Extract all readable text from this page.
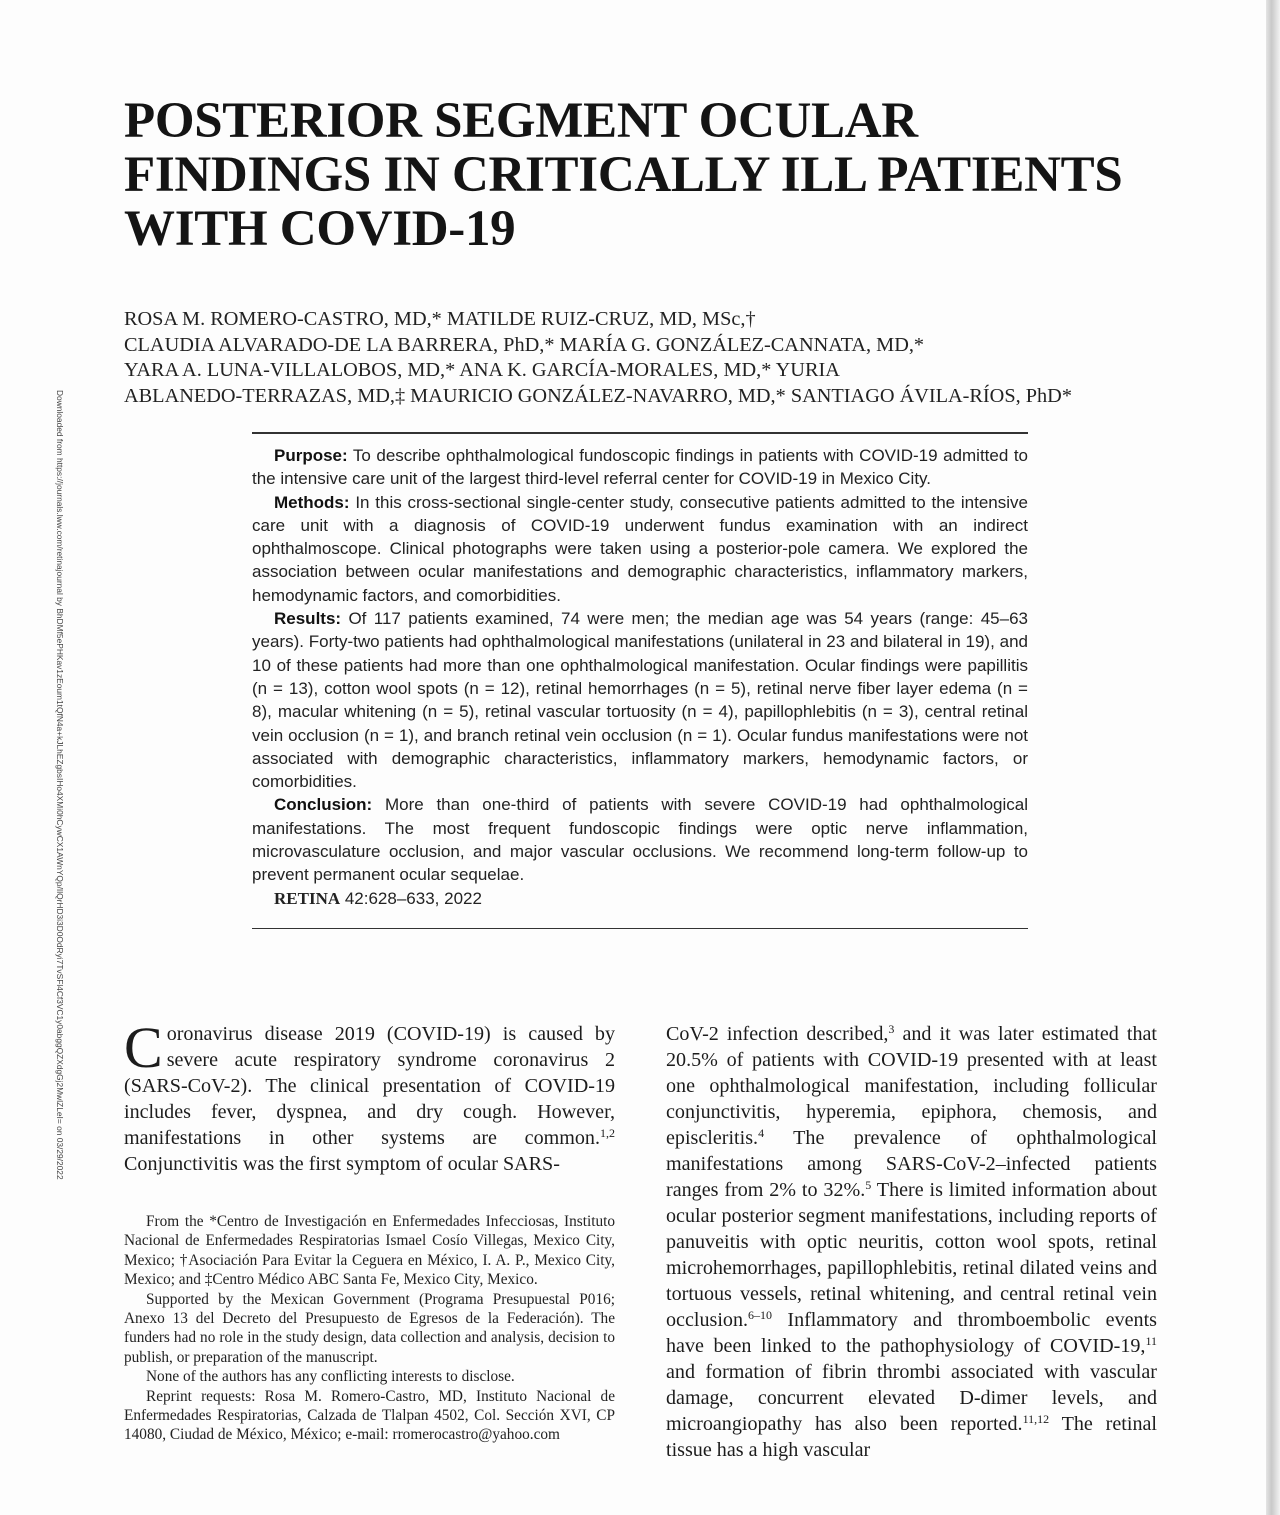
Downloaded from https://journals.lww.com/retinajournal by BhDMf5ePHKav1zEoum1tQfN4a+kJLhEZgbsIHo4XMi0hCywCX1AWnYQp/IlQrHD3i3D0OdRyi7TvSFl4Cf3VC1y0abggQZXdgGj2MwlZLeI= on 03/29/2022
POSTERIOR SEGMENT OCULAR
FINDINGS IN CRITICALLY ILL PATIENTS
WITH COVID-19
ROSA M. ROMERO-CASTRO, MD,* MATILDE RUIZ-CRUZ, MD, MSc,†
CLAUDIA ALVARADO-DE LA BARRERA, PhD,* MARÍA G. GONZÁLEZ-CANNATA, MD,*
YARA A. LUNA-VILLALOBOS, MD,* ANA K. GARCÍA-MORALES, MD,* YURIA
ABLANEDO-TERRAZAS, MD,‡ MAURICIO GONZÁLEZ-NAVARRO, MD,* SANTIAGO ÁVILA-RÍOS, PhD*

Purpose: To describe ophthalmological fundoscopic findings in patients with COVID-19 admitted to the intensive care unit of the largest third-level referral center for COVID-19 in Mexico City.

Methods: In this cross-sectional single-center study, consecutive patients admitted to the intensive care unit with a diagnosis of COVID-19 underwent fundus examination with an indirect ophthalmoscope. Clinical photographs were taken using a posterior-pole camera. We explored the association between ocular manifestations and demographic characteristics, inflammatory markers, hemodynamic factors, and comorbidities.

Results: Of 117 patients examined, 74 were men; the median age was 54 years (range: 45–63 years). Forty-two patients had ophthalmological manifestations (unilateral in 23 and bilateral in 19), and 10 of these patients had more than one ophthalmological manifestation. Ocular findings were papillitis (n = 13), cotton wool spots (n = 12), retinal hemorrhages (n = 5), retinal nerve fiber layer edema (n = 8), macular whitening (n = 5), retinal vascular tortuosity (n = 4), papillophlebitis (n = 3), central retinal vein occlusion (n = 1), and branch retinal vein occlusion (n = 1). Ocular fundus manifestations were not associated with demographic characteristics, inflammatory markers, hemodynamic factors, or comorbidities.

Conclusion: More than one-third of patients with severe COVID-19 had ophthalmological manifestations. The most frequent fundoscopic findings were optic nerve inflammation, microvasculature occlusion, and major vascular occlusions. We recommend long-term follow-up to prevent permanent ocular sequelae.

RETINA 42:628–633, 2022
Coronavirus disease 2019 (COVID-19) is caused by severe acute respiratory syndrome coronavirus 2 (SARS-CoV-2). The clinical presentation of COVID-19 includes fever, dyspnea, and dry cough. However, manifestations in other systems are common.$^{1,2}$ Conjunctivitis was the first symptom of ocular SARS-

From the *Centro de Investigación en Enfermedades Infecciosas, Instituto Nacional de Enfermedades Respiratorias Ismael Cosío Villegas, Mexico City, Mexico; †Asociación Para Evitar la Ceguera en México, I. A. P., Mexico City, Mexico; and ‡Centro Médico ABC Santa Fe, Mexico City, Mexico.

Supported by the Mexican Government (Programa Presupuestal P016; Anexo 13 del Decreto del Presupuesto de Egresos de la Federación). The funders had no role in the study design, data collection and analysis, decision to publish, or preparation of the manuscript.

None of the authors has any conflicting interests to disclose.

Reprint requests: Rosa M. Romero-Castro, MD, Instituto Nacional de Enfermedades Respiratorias, Calzada de Tlalpan 4502, Col. Sección XVI, CP 14080, Ciudad de México, México; e-mail: rromerocastro@yahoo.com

CoV-2 infection described,$^3$ and it was later estimated that 20.5% of patients with COVID-19 presented with at least one ophthalmological manifestation, including follicular conjunctivitis, hyperemia, epiphora, chemosis, and episcleritis.$^4$ The prevalence of ophthalmological manifestations among SARS-CoV-2–infected patients ranges from 2% to 32%.$^5$ There is limited information about ocular posterior segment manifestations, including reports of panuveitis with optic neuritis, cotton wool spots, retinal microhemorrhages, papillophlebitis, retinal dilated veins and tortuous vessels, retinal whitening, and central retinal vein occlusion.$^{6-10}$ Inflammatory and thromboembolic events have been linked to the pathophysiology of COVID-19,11 and formation of fibrin thrombi associated with vascular damage, concurrent elevated D-dimer levels, and microangiopathy has also been reported.$^{11,12}$ The retinal tissue has a high vascular
